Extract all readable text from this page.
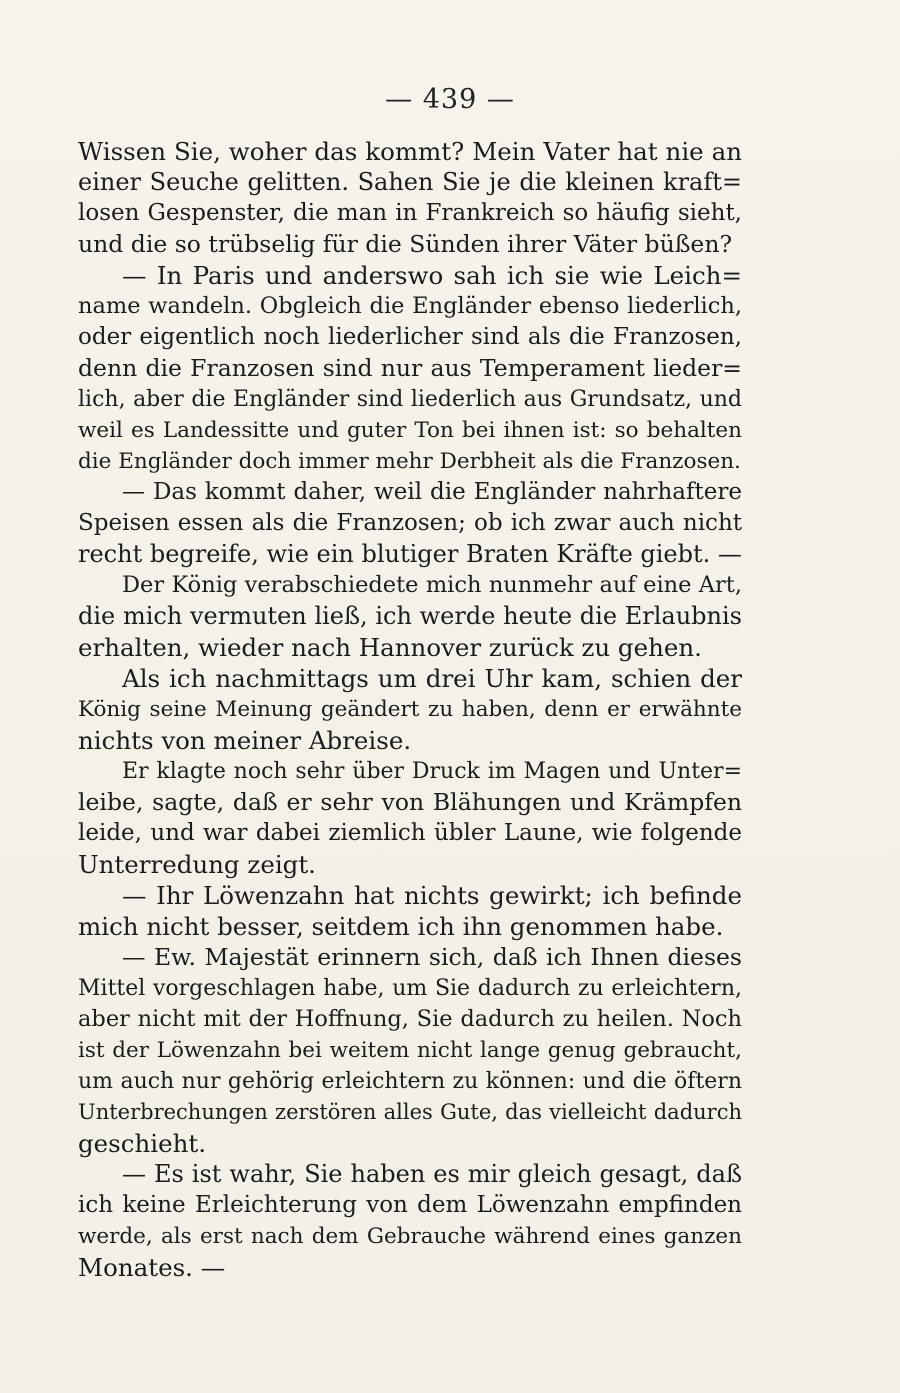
— 439 —
Wissen Sie, woher das kommt? Mein Vater hat nie an
einer Seuche gelitten. Sahen Sie je die kleinen kraft=
losen Gespenster, die man in Frankreich so häufig sieht,
und die so trübselig für die Sünden ihrer Väter büßen?
— In Paris und anderswo sah ich sie wie Leich=
name wandeln. Obgleich die Engländer ebenso liederlich,
oder eigentlich noch liederlicher sind als die Franzosen,
denn die Franzosen sind nur aus Temperament lieder=
lich, aber die Engländer sind liederlich aus Grundsatz, und
weil es Landessitte und guter Ton bei ihnen ist: so behalten
die Engländer doch immer mehr Derbheit als die Franzosen.
— Das kommt daher, weil die Engländer nahrhaftere
Speisen essen als die Franzosen; ob ich zwar auch nicht
recht begreife, wie ein blutiger Braten Kräfte giebt. —
Der König verabschiedete mich nunmehr auf eine Art,
die mich vermuten ließ, ich werde heute die Erlaubnis
erhalten, wieder nach Hannover zurück zu gehen.
Als ich nachmittags um drei Uhr kam, schien der
König seine Meinung geändert zu haben, denn er erwähnte
nichts von meiner Abreise.
Er klagte noch sehr über Druck im Magen und Unter=
leibe, sagte, daß er sehr von Blähungen und Krämpfen
leide, und war dabei ziemlich übler Laune, wie folgende
Unterredung zeigt.
— Ihr Löwenzahn hat nichts gewirkt; ich befinde
mich nicht besser, seitdem ich ihn genommen habe.
— Ew. Majestät erinnern sich, daß ich Ihnen dieses
Mittel vorgeschlagen habe, um Sie dadurch zu erleichtern,
aber nicht mit der Hoffnung, Sie dadurch zu heilen. Noch
ist der Löwenzahn bei weitem nicht lange genug gebraucht,
um auch nur gehörig erleichtern zu können: und die öftern
Unterbrechungen zerstören alles Gute, das vielleicht dadurch
geschieht.
— Es ist wahr, Sie haben es mir gleich gesagt, daß
ich keine Erleichterung von dem Löwenzahn empfinden
werde, als erst nach dem Gebrauche während eines ganzen
Monates. —
